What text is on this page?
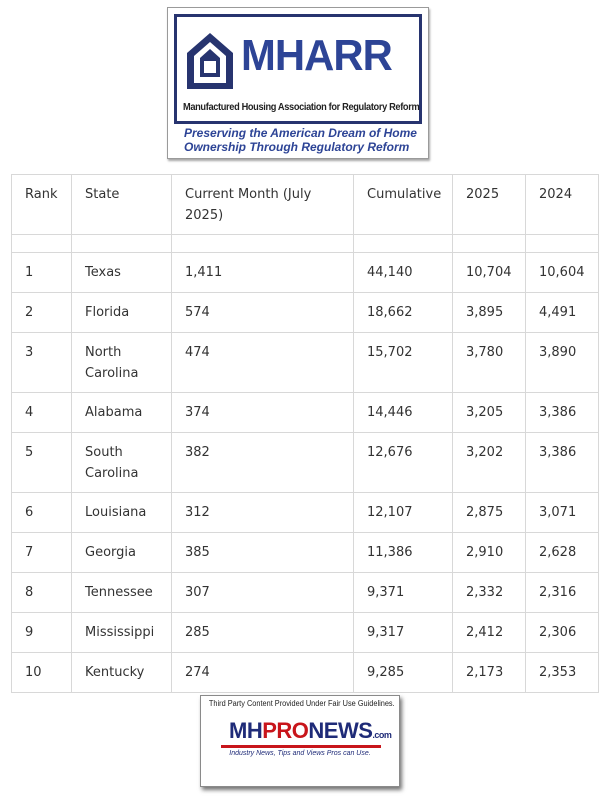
MHARR
Manufactured Housing Association for Regulatory Reform
Preserving the American Dream of Home
Ownership Through Regulatory Reform
Rank	State	Current Month (July 2025)	Cumulative	2025	2024

1	Texas	1,411	44,140	10,704	10,604
2	Florida	574	18,662	3,895	4,491
3	North Carolina	474	15,702	3,780	3,890
4	Alabama	374	14,446	3,205	3,386
5	South Carolina	382	12,676	3,202	3,386
6	Louisiana	312	12,107	2,875	3,071
7	Georgia	385	11,386	2,910	2,628
8	Tennessee	307	9,371	2,332	2,316
9	Mississippi	285	9,317	2,412	2,306
10	Kentucky	274	9,285	2,173	2,353
Third Party Content Provided Under Fair Use Guidelines.
MHPRONEWS.com
Industry News, Tips and Views Pros can Use.
